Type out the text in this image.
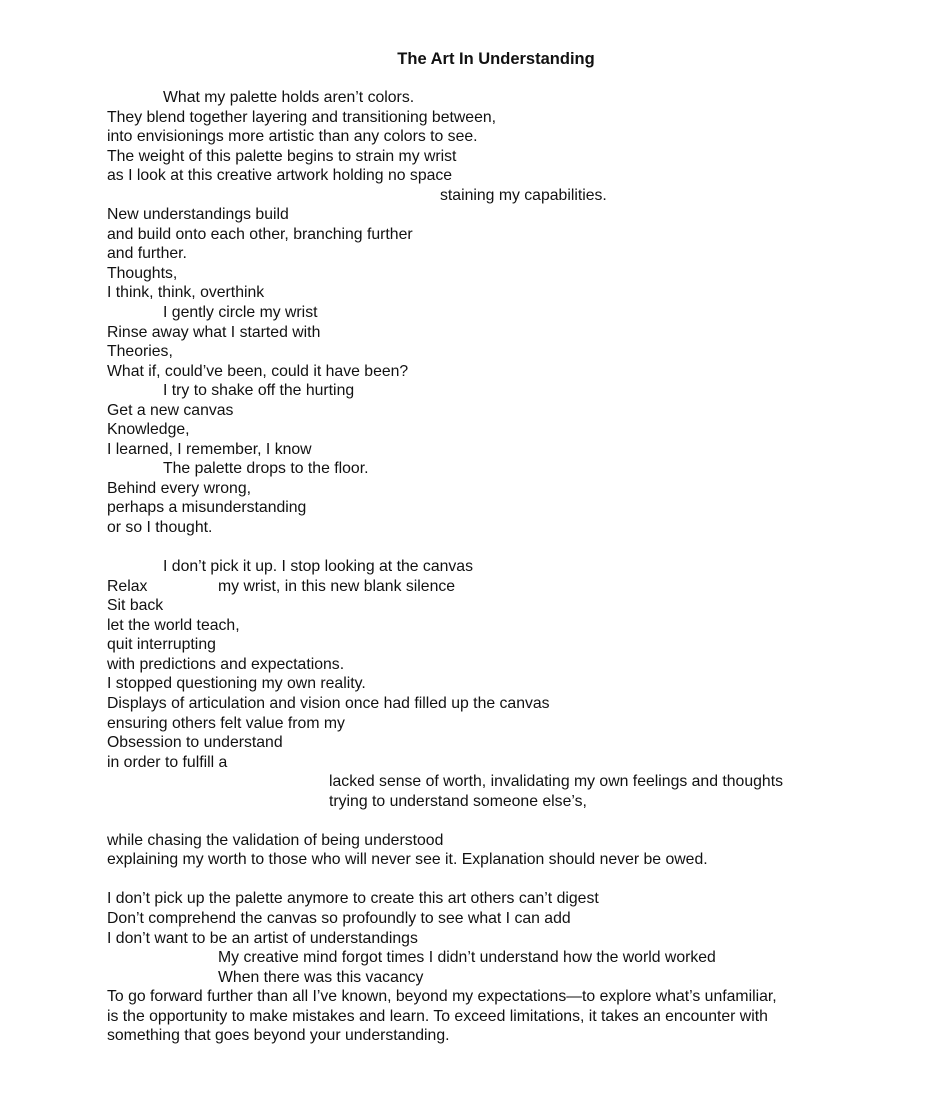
The Art In Understanding
What my palette holds aren’t colors.
They blend together layering and transitioning between,
into envisionings more artistic than any colors to see.
The weight of this palette begins to strain my wrist
as I look at this creative artwork holding no space
staining my capabilities.
New understandings build
and build onto each other, branching further
and further.
Thoughts,
I think, think, overthink
I gently circle my wrist
Rinse away what I started with
Theories,
What if, could’ve been, could it have been?
I try to shake off the hurting
Get a new canvas
Knowledge,
I learned, I remember, I know
The palette drops to the floor.
Behind every wrong,
perhaps a misunderstanding
or so I thought.
I don’t pick it up. I stop looking at the canvas
Relax	my wrist, in this new blank silence
Sit back
let the world teach,
quit interrupting
with predictions and expectations.
I stopped questioning my own reality.
Displays of articulation and vision once had filled up the canvas
ensuring others felt value from my
Obsession to understand
in order to fulfill a
lacked sense of worth, invalidating my own feelings and thoughts
trying to understand someone else’s,
while chasing the validation of being understood
explaining my worth to those who will never see it. Explanation should never be owed.
I don’t pick up the palette anymore to create this art others can’t digest
Don’t comprehend the canvas so profoundly to see what I can add
I don’t want to be an artist of understandings
My creative mind forgot times I didn’t understand how the world worked
When there was this vacancy
To go forward further than all I’ve known, beyond my expectations—to explore what’s unfamiliar,
is the opportunity to make mistakes and learn. To exceed limitations, it takes an encounter with
something that goes beyond your understanding.
